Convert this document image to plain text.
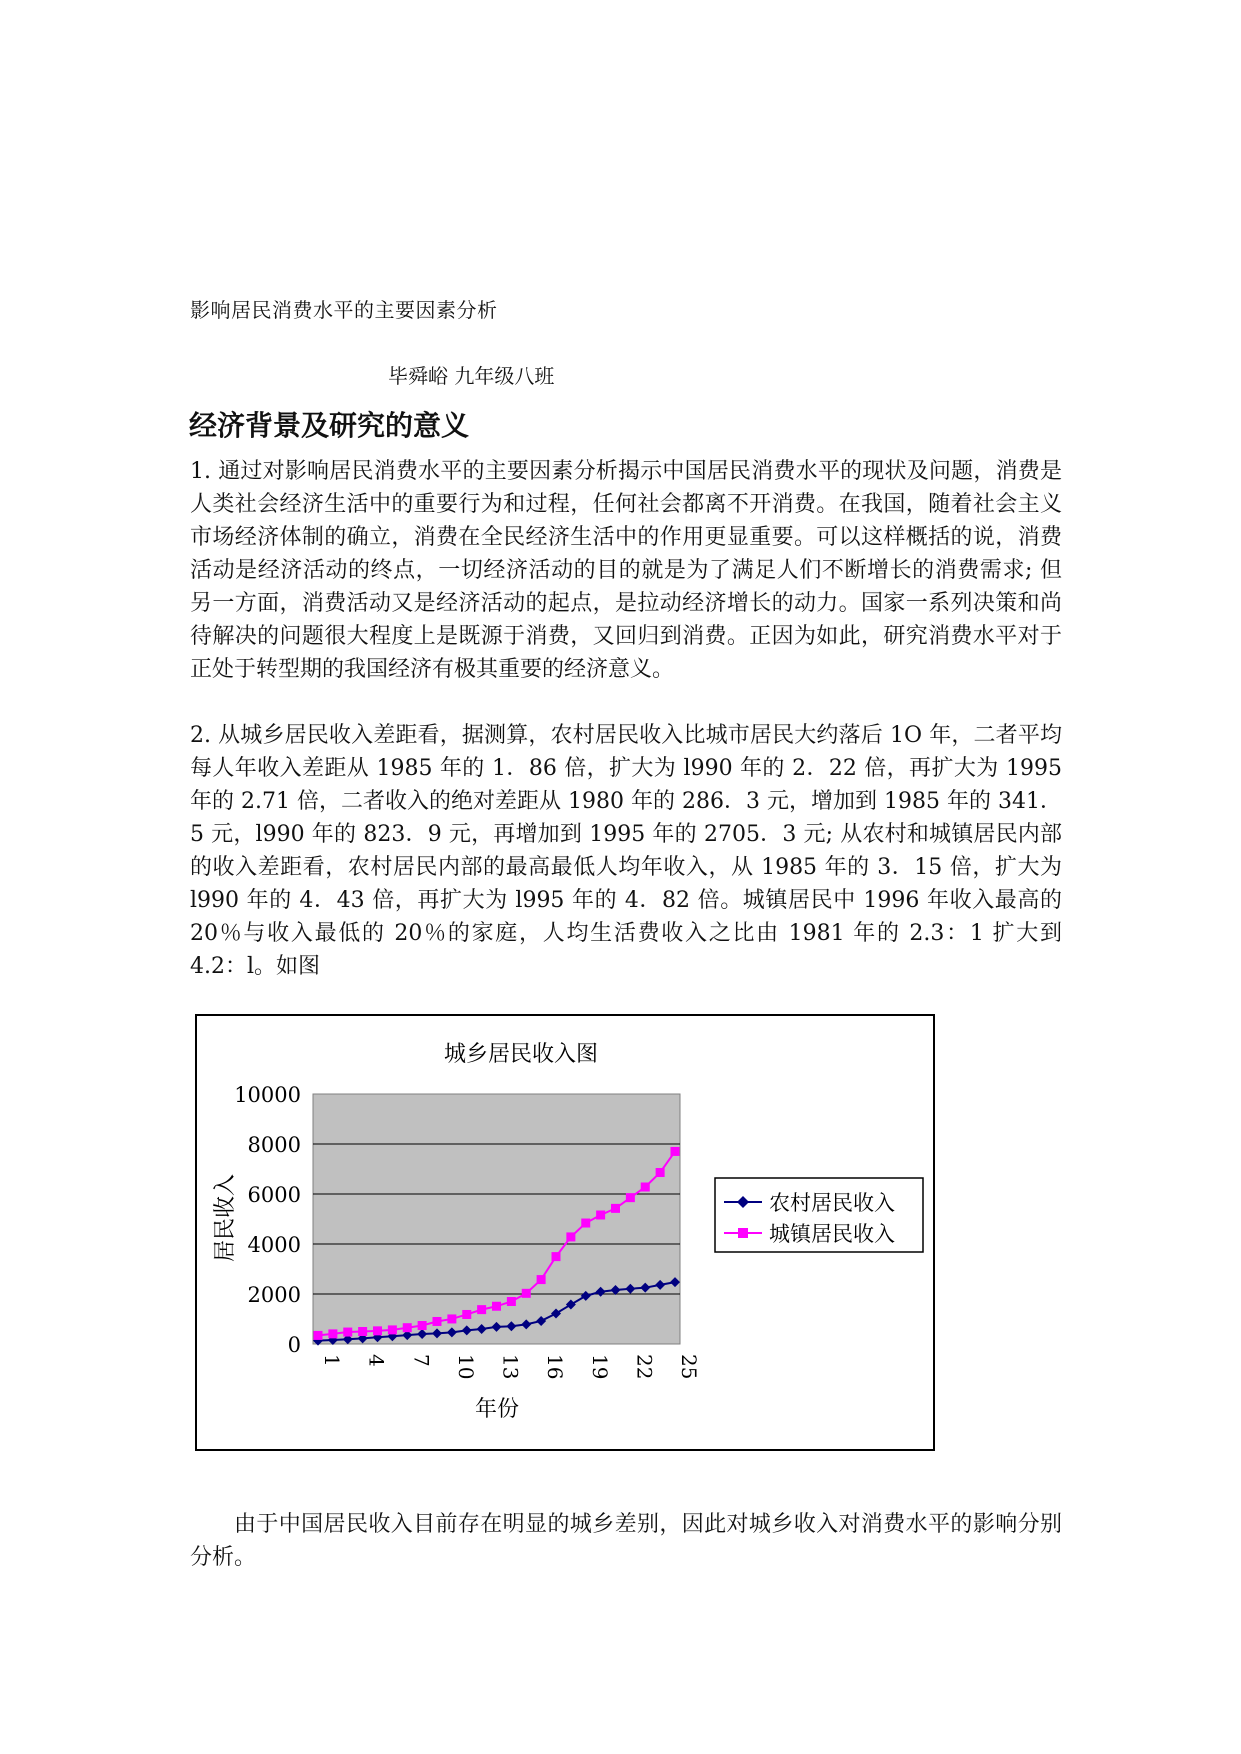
影响居民消费水平的主要因素分析
毕舜峪 九年级八班
经济背景及研究的意义
1. 通过对影响居民消费水平的主要因素分析揭示中国居民消费水平的现状及问题，消费是人类社会经济生活中的重要行为和过程，任何社会都离不开消费。在我国，随着社会主义市场经济体制的确立，消费在全民经济生活中的作用更显重要。可以这样概括的说，消费活动是经济活动的终点，一切经济活动的目的就是为了满足人们不断增长的消费需求; 但另一方面，消费活动又是经济活动的起点，是拉动经济增长的动力。国家一系列决策和尚待解决的问题很大程度上是既源于消费，又回归到消费。正因为如此，研究消费水平对于正处于转型期的我国经济有极其重要的经济意义。
2. 从城乡居民收入差距看，据测算，农村居民收入比城市居民大约落后 1O 年，二者平均每人年收入差距从 1985 年的 1．86 倍，扩大为 l990 年的 2．22 倍，再扩大为 1995 年的 2.71 倍，二者收入的绝对差距从 1980 年的 286．3 元，增加到 1985 年的 341．5 元，l990 年的 823．9 元，再增加到 1995 年的 2705．3 元; 从农村和城镇居民内部的收入差距看，农村居民内部的最高最低人均年收入，从 1985 年的 3．15 倍，扩大为 l990 年的 4．43 倍，再扩大为 l995 年的 4．82 倍。城镇居民中 1996 年收入最高的 20％与收入最低的 20％的家庭，人均生活费收入之比由 1981 年的 2.3：1 扩大到 4.2：l。如图
城乡居民收入图
0
2000
4000
6000
8000
10000
1 4 7 10 13 16 19 22 25
居民收入
年份
农村居民收入
城镇居民收入
由于中国居民收入目前存在明显的城乡差别，因此对城乡收入对消费水平的影响分别分析。
